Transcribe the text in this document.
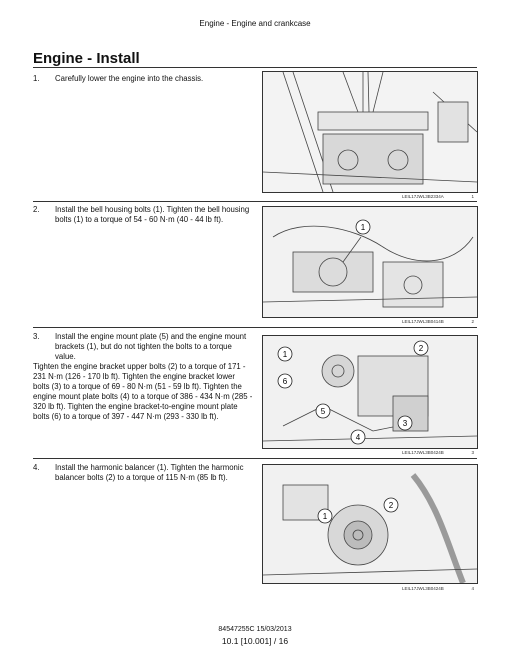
Engine - Engine and crankcase
Engine - Install
1. Carefully lower the engine into the chassis.
LEIL17JWL3B2334A	1
2. Install the bell housing bolts (1). Tighten the bell housing bolts (1) to a torque of 54 - 60 N·m (40 - 44 lb ft).
1
LEIL17JWL3B0414B	2
3. Install the engine mount plate (5) and the engine mount brackets (1), but do not tighten the bolts to a torque value.
Tighten the engine bracket upper bolts (2) to a torque of 171 - 231 N·m (126 - 170 lb ft). Tighten the engine bracket lower bolts (3) to a torque of 69 - 80 N·m (51 - 59 lb ft). Tighten the engine mount plate bolts (4) to a torque of 386 - 434 N·m (285 - 320 lb ft). Tighten the engine bracket-to-engine mount plate bolts (6) to a torque of 397 - 447 N·m (293 - 330 lb ft).
1
2
6
5
3
4
LEIL17JWL3B0424B	3
4. Install the harmonic balancer (1). Tighten the harmonic balancer bolts (2) to a torque of 115 N·m (85 lb ft).
2
1
LEIL17JWL3B0424B	4
84547255C 15/03/2013
10.1 [10.001] / 16
